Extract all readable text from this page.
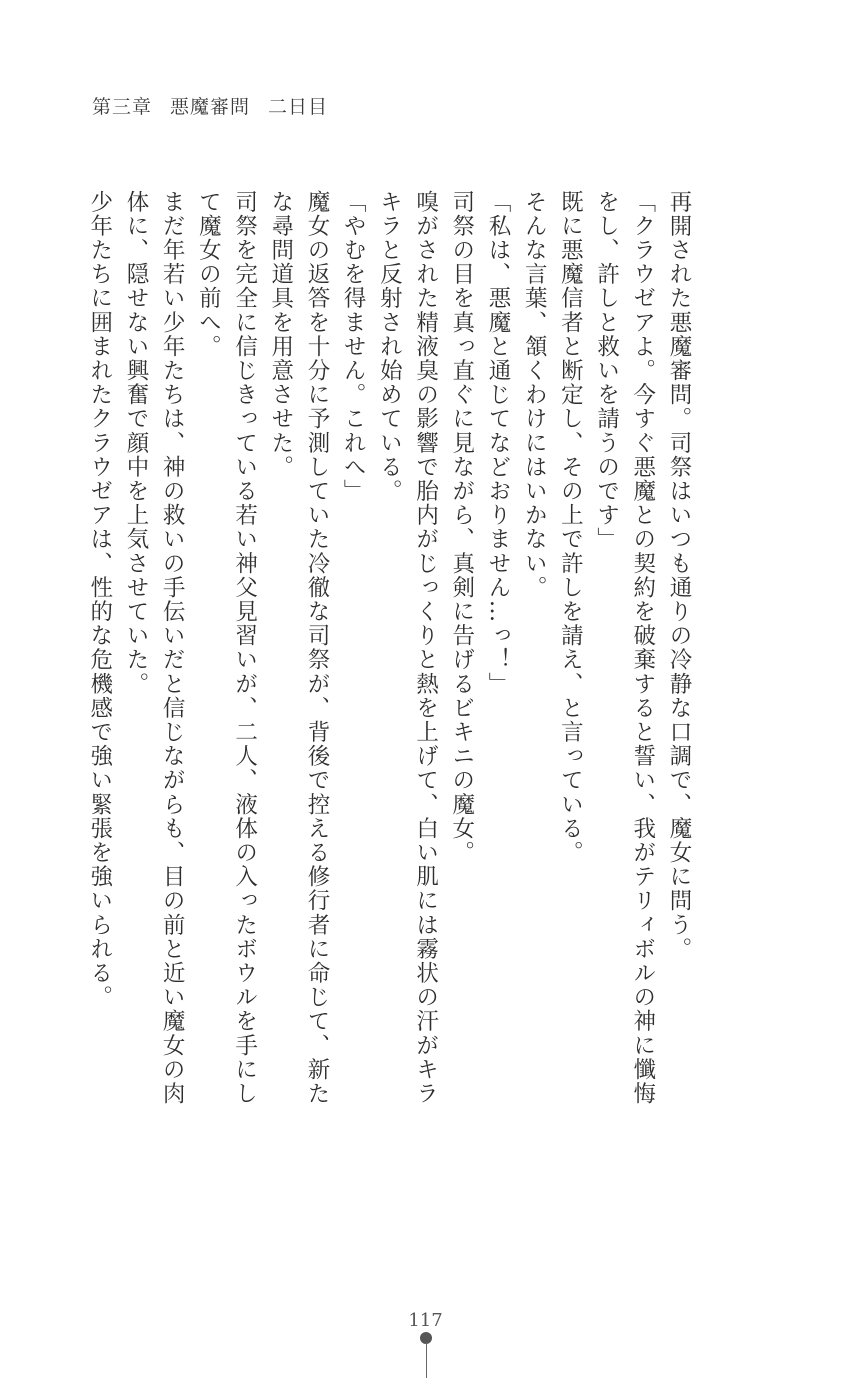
第三章 悪魔審問 二日目

再開された悪魔審問。司祭はいつも通りの冷静な口調で、魔女に問う。

「クラウゼアよ。今すぐ悪魔との契約を破棄すると誓い、我がテリィボルの神に懺悔をし、許しと救いを請うのです」

既に悪魔信者と断定し、その上で許しを請え、と言っている。

そんな言葉、頷くわけにはいかない。

「私は、悪魔と通じてなどおりません…っ！」

司祭の目を真っ直ぐに見ながら、真剣に告げるビキニの魔女。

嗅がされた精液臭の影響で胎内がじっくりと熱を上げて、白い肌には霧状の汗がキラキラと反射され始めている。

「やむを得ません。これへ」

魔女の返答を十分に予測していた冷徹な司祭が、背後で控える修行者に命じて、新たな尋問道具を用意させた。

司祭を完全に信じきっている若い神父見習いが、二人、液体の入ったボウルを手にして魔女の前へ。

まだ年若い少年たちは、神の救いの手伝いだと信じながらも、目の前と近い魔女の肉体に、隠せない興奮で顔中を上気させていた。

少年たちに囲まれたクラウゼアは、性的な危機感で強い緊張を強いられる。

117
